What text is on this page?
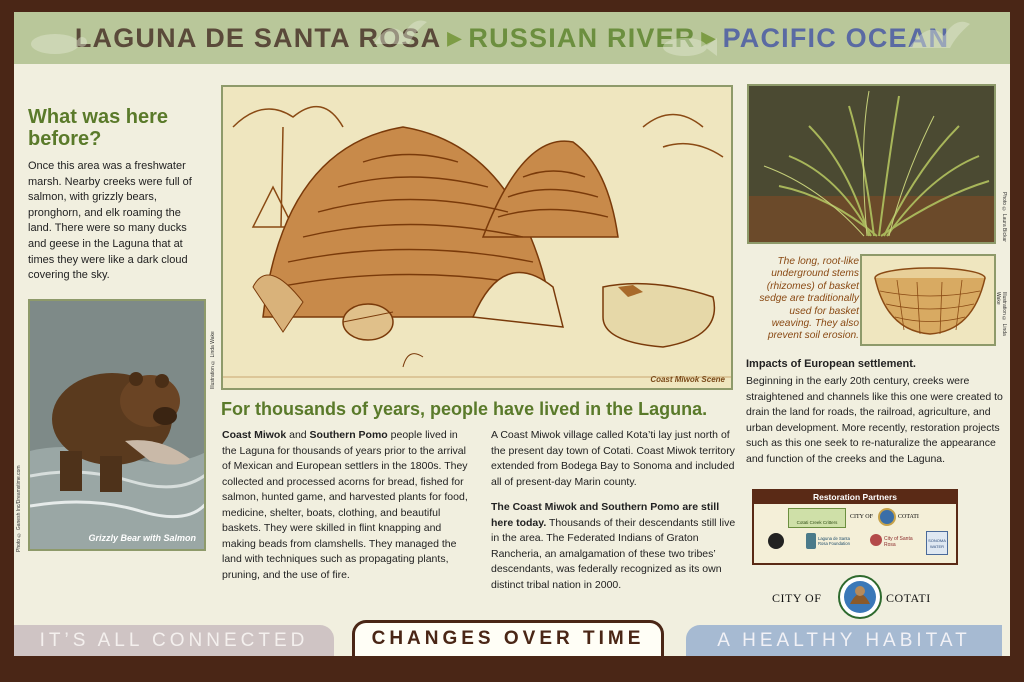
LAGUNA DE SANTA ROSA ▶ RUSSIAN RIVER ▶ PACIFIC OCEAN
What was here before?

Once this area was a freshwater marsh. Nearby creeks were full of salmon, with grizzly bears, pronghorn, and elk roaming the land. There were so many ducks and geese in the Laguna that at times they were like a dark cloud covering the sky.

Grizzly Bear with Salmon
Photo © Ganesh Inc/Dreamstime.com
Coast Miwok Scene
Illustration © Linda Wake
For thousands of years, people have lived in the Laguna.
Coast Miwok and Southern Pomo people lived in the Laguna for thousands of years prior to the arrival of Mexican and European settlers in the 1800s. They collected and processed acorns for bread, fished for salmon, hunted game, and harvested plants for food, medicine, shelter, boats, clothing, and beautiful baskets. They were skilled in flint knapping and making beads from clamshells. They managed the land with techniques such as propagating plants, pruning, and the use of fire.

A Coast Miwok village called Kota’ti lay just north of the present day town of Cotati. Coast Miwok territory extended from Bodega Bay to Sonoma and included all of present-day Marin county.

The Coast Miwok and Southern Pomo are still here today. Thousands of their descendants still live in the area. The Federated Indians of Graton Rancheria, an amalgamation of these two tribes’ descendants, was federally recognized as its own distinct tribal nation in 2000.

Photo © Laura Bickar

The long, root-like underground stems (rhizomes) of basket sedge are traditionally used for basket weaving. They also prevent soil erosion.

Illustration © Linda Wake
Impacts of European settlement.

Beginning in the early 20th century, creeks were straightened and channels like this one were created to drain the land for roads, the railroad, agriculture, and urban development. More recently, restoration projects such as this one seek to re-naturalize the appearance and function of the creeks and the Laguna.

Restoration Partners
Cotati Creek Critters
CITY OF	COTATI
Laguna de Santa Rosa Foundation
City of Santa Rosa
$_{SONOMA WATER}$
CITY OF	COTATI
IT’S ALL CONNECTED	CHANGES OVER TIME	A HEALTHY HABITAT
